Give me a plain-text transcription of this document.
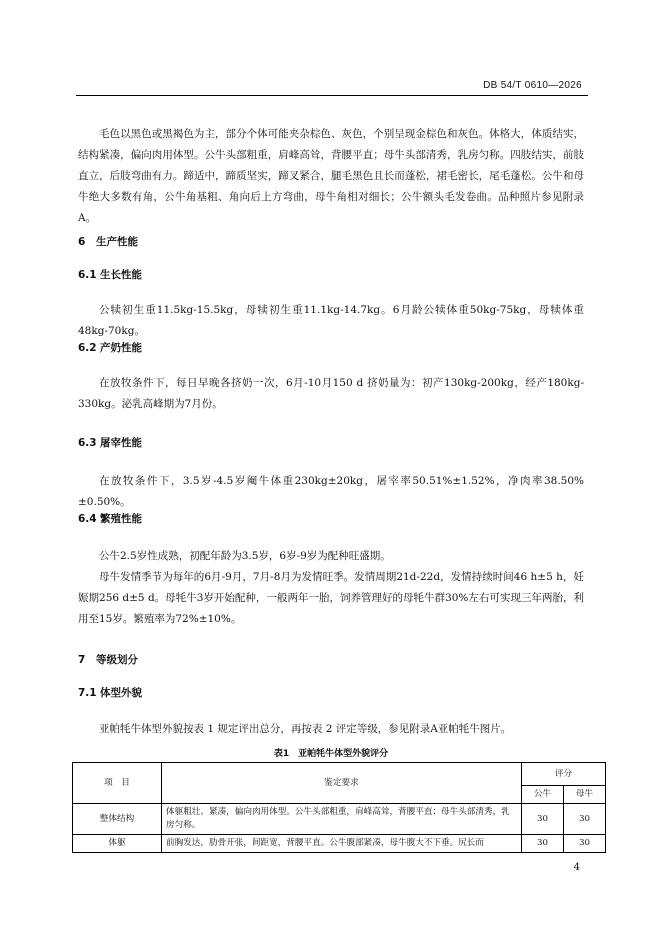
DB 54/T 0610—2026

毛色以黑色或黑褐色为主，部分个体可能夹杂棕色、灰色，个别呈现金棕色和灰色。体格大，体质结实，结构紧凑，偏向肉用体型。公牛头部粗重，肩峰高耸，背腰平直；母牛头部清秀，乳房匀称。四肢结实，前肢直立，后肢弯曲有力。蹄适中，蹄质坚实，蹄叉紧合，腿毛黑色且长而蓬松，裙毛密长，尾毛蓬松。公牛和母牛绝大多数有角，公牛角基粗、角向后上方弯曲，母牛角相对细长；公牛额头毛发卷曲。品种照片参见附录A。

6 生产性能
6.1 生长性能

公犊初生重11.5kg-15.5kg，母犊初生重11.1kg-14.7kg。6月龄公犊体重50kg-75kg，母犊体重48kg-70kg。

6.2 产奶性能

在放牧条件下，每日早晚各挤奶一次，6月-10月150 d 挤奶量为：初产130kg-200kg，经产180kg-330kg。泌乳高峰期为7月份。

6.3 屠宰性能

在放牧条件下，3.5岁-4.5岁阉牛体重230kg±20kg，屠宰率50.51%±1.52%，净肉率38.50%±0.50%。

6.4 繁殖性能

公牛2.5岁性成熟，初配年龄为3.5岁，6岁-9岁为配种旺盛期。

母牛发情季节为每年的6月-9月，7月-8月为发情旺季。发情周期21d-22d，发情持续时间46 h±5 h，妊娠期256 d±5 d。母牦牛3岁开始配种，一般两年一胎，饲养管理好的母牦牛群30%左右可实现三年两胎，利用至15岁。繁殖率为72%±10%。

7 等级划分
7.1 体型外貌

亚帕牦牛体型外貌按表 1 规定评出总分，再按表 2 评定等级，参见附录A亚帕牦牛图片。

表1　亚帕牦牛体型外貌评分
项　目	鉴定要求	评分	
		公牛	母牛
整体结构	体躯粗壮、紧凑，偏向肉用体型。公牛头部粗重，肩峰高耸，背腰平直；母牛头部清秀，乳房匀称。	30	30
体躯	前胸发达，肋骨开张，间距宽，背腰平直。公牛腹部紧凑，母牛腹大不下垂。尻长而	30	30
4
